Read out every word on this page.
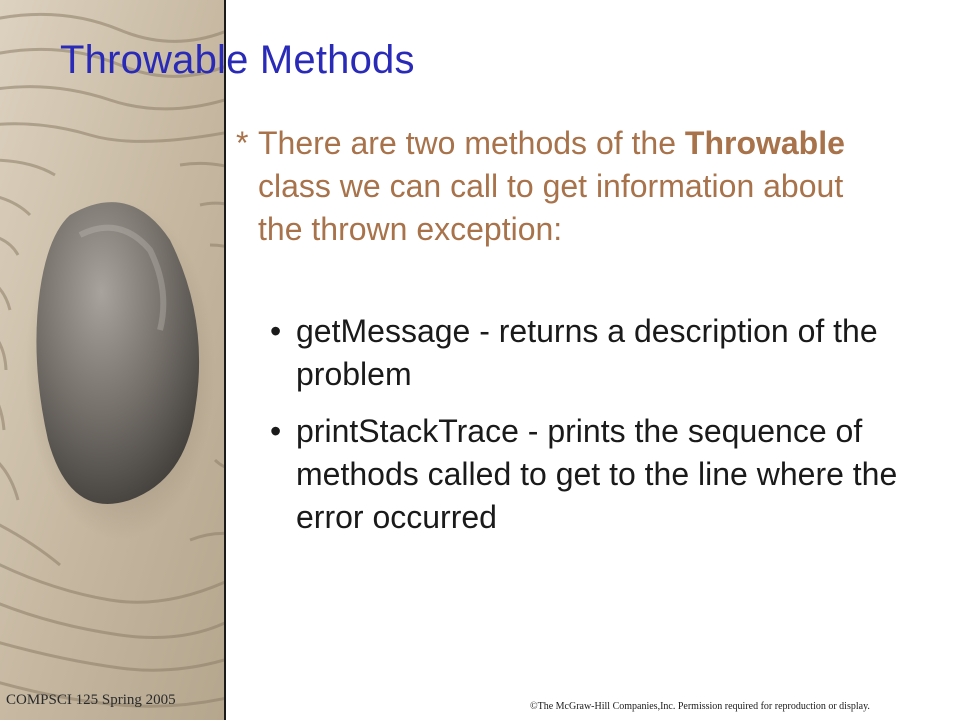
Throwable Methods
* There are two methods of the Throwable class we can call to get information about the thrown exception:
• getMessage - returns a description of the problem
• printStackTrace - prints the sequence of methods called to get to the line where the error occurred
COMPSCI 125 Spring 2005	©The McGraw-Hill Companies,Inc. Permission required for reproduction or display.
